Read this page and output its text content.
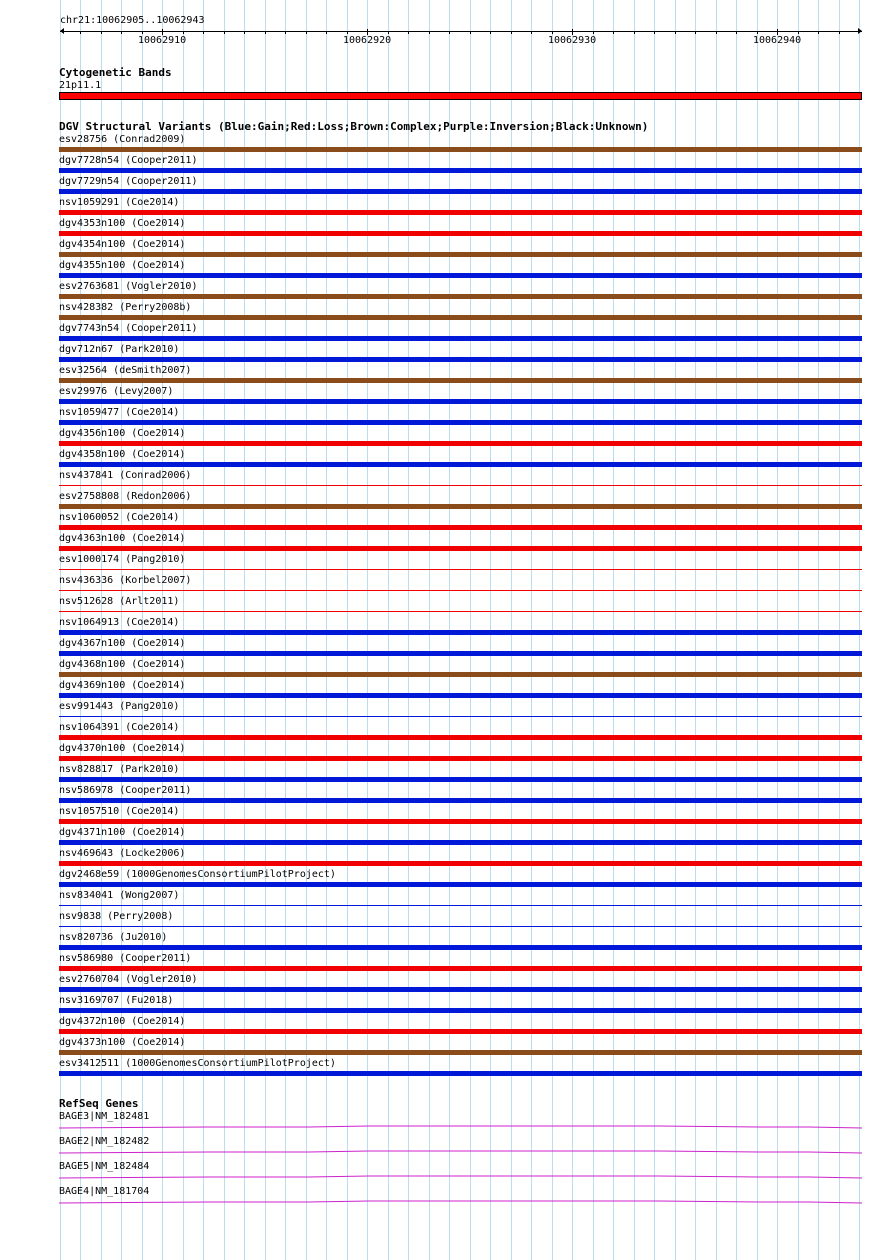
chr21:10062905..10062943
10062910	10062920	10062930	10062940
Cytogenetic Bands
21p11.1
DGV Structural Variants (Blue:Gain;Red:Loss;Brown:Complex;Purple:Inversion;Black:Unknown)
esv28756 (Conrad2009)
dgv7728n54 (Cooper2011)
dgv7729n54 (Cooper2011)
nsv1059291 (Coe2014)
dgv4353n100 (Coe2014)
dgv4354n100 (Coe2014)
dgv4355n100 (Coe2014)
esv2763681 (Vogler2010)
nsv428382 (Perry2008b)
dgv7743n54 (Cooper2011)
dgv712n67 (Park2010)
esv32564 (deSmith2007)
esv29976 (Levy2007)
nsv1059477 (Coe2014)
dgv4356n100 (Coe2014)
dgv4358n100 (Coe2014)
nsv437841 (Conrad2006)
esv2758808 (Redon2006)
nsv1060052 (Coe2014)
dgv4363n100 (Coe2014)
esv1000174 (Pang2010)
nsv436336 (Korbel2007)
nsv512628 (Arlt2011)
nsv1064913 (Coe2014)
dgv4367n100 (Coe2014)
dgv4368n100 (Coe2014)
dgv4369n100 (Coe2014)
esv991443 (Pang2010)
nsv1064391 (Coe2014)
dgv4370n100 (Coe2014)
nsv828817 (Park2010)
nsv586978 (Cooper2011)
nsv1057510 (Coe2014)
dgv4371n100 (Coe2014)
nsv469643 (Locke2006)
dgv2468e59 (1000GenomesConsortiumPilotProject)
nsv834041 (Wong2007)
nsv9838 (Perry2008)
nsv820736 (Ju2010)
nsv586980 (Cooper2011)
esv2760704 (Vogler2010)
nsv3169707 (Fu2018)
dgv4372n100 (Coe2014)
dgv4373n100 (Coe2014)
esv3412511 (1000GenomesConsortiumPilotProject)
RefSeq Genes
BAGE3|NM_182481
BAGE2|NM_182482
BAGE5|NM_182484
BAGE4|NM_181704
